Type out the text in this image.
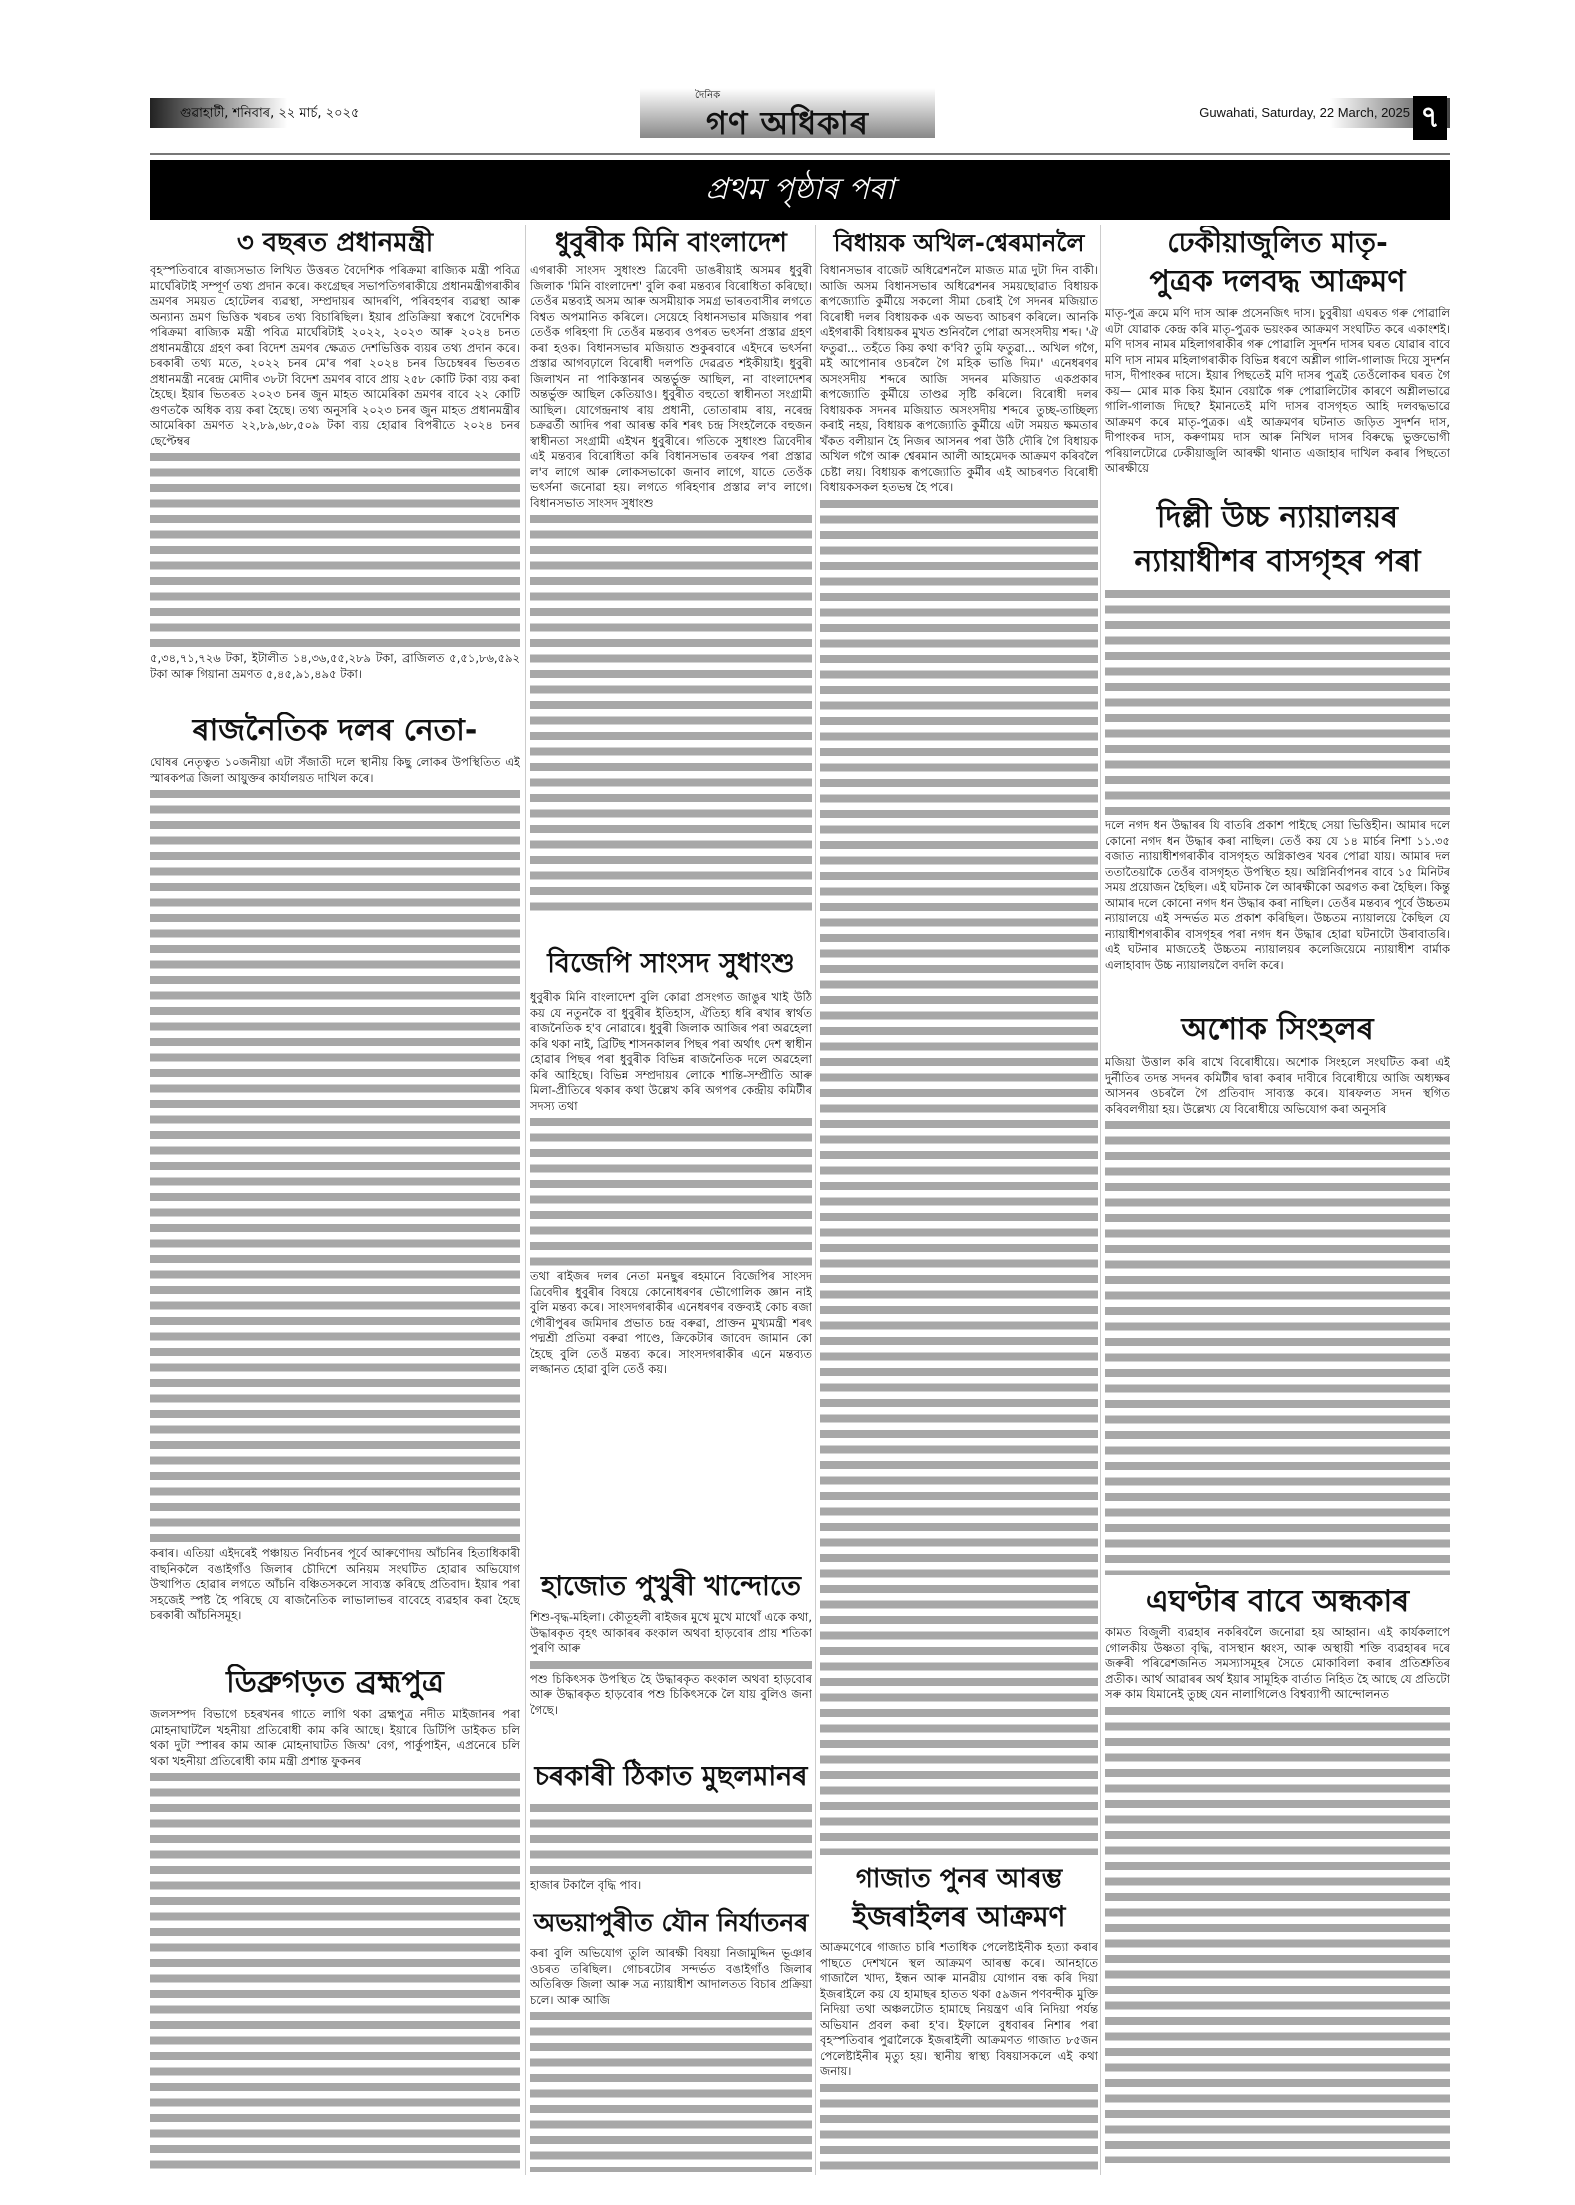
গুৱাহাটী, শনিবাৰ, ২২ মাৰ্চ, ২০২৫
দৈনিক
গণ অধিকাৰ	Guwahati, Saturday, 22 March, 2025 ৭
প্ৰথম পৃষ্ঠাৰ পৰা
৩ বছৰত প্ৰধানমন্ত্ৰী

বৃহস্পতিবাৰে ৰাজ্যসভাত লিখিত উত্তৰত বৈদেশিক পৰিক্ৰমা ৰাজ্যিক মন্ত্ৰী পবিত্ৰ মাৰ্ঘেৰিটাই সম্পূৰ্ণ তথ্য প্ৰদান কৰে। কংগ্ৰেছৰ সভাপতিগৰাকীয়ে প্ৰধানমন্ত্ৰীগৰাকীৰ ভ্ৰমণৰ সময়ত হোটেলৰ ব্যৱস্থা, সম্প্ৰদায়ৰ আদৰণি, পৰিবহণৰ ব্যৱস্থা আৰু অন্যান্য ভ্ৰমণ ভিত্তিক খৰচৰ তথ্য বিচাৰিছিল। ইয়াৰ প্ৰতিক্ৰিয়া স্বৰূপে বৈদেশিক পৰিক্ৰমা ৰাজ্যিক মন্ত্ৰী পবিত্ৰ মাৰ্ঘেৰিটাই ২০২২, ২০২৩ আৰু ২০২৪ চনত প্ৰধানমন্ত্ৰীয়ে গ্ৰহণ কৰা বিদেশ ভ্ৰমণৰ ক্ষেত্ৰত দেশভিত্তিক ব্যয়ৰ তথ্য প্ৰদান কৰে। চৰকাৰী তথ্য মতে, ২০২২ চনৰ মে'ৰ পৰা ২০২৪ চনৰ ডিচেম্বৰৰ ভিতৰত প্ৰধানমন্ত্ৰী নৰেন্দ্ৰ মোদীৰ ৩৮টা বিদেশ ভ্ৰমণৰ বাবে প্ৰায় ২৫৮ কোটি টকা ব্যয় কৰা হৈছে। ইয়াৰ ভিতৰত ২০২৩ চনৰ জুন মাহত আমেৰিকা ভ্ৰমণৰ বাবে ২২ কোটি গুণতকৈ অধিক ব্যয় কৰা হৈছে। তথ্য অনুসৰি ২০২৩ চনৰ জুন মাহত প্ৰধানমন্ত্ৰীৰ আমেৰিকা ভ্ৰমণত ২২,৮৯,৬৮,৫০৯ টকা ব্যয় হোৱাৰ বিপৰীতে ২০২৪ চনৰ ছেপ্টেম্বৰ

৫,৩৪,৭১,৭২৬ টকা, ইটালীত ১৪,৩৬,৫৫,২৮৯ টকা, ব্ৰাজিলত ৫,৫১,৮৬,৫৯২ টকা আৰু গিয়ানা ভ্ৰমণত ৫,৪৫,৯১,৪৯৫ টকা।

ৰাজনৈতিক দলৰ নেতা-

ঘোষৰ নেতৃত্বত ১০জনীয়া এটা সঁজাতী দলে স্থানীয় কিছু লোকৰ উপস্থিতিত এই স্মাৰকপত্ৰ জিলা আয়ুক্তৰ কাৰ্যালয়ত দাখিল কৰে।

কৰাৰ। এতিয়া এইদৰেই পঞ্চায়ত নিৰ্বাচনৰ পূৰ্বে আৰুণোদয় আঁচনিৰ হিতাধিকাৰী বাছনিকলৈ বঙাইগাঁও জিলাৰ চৌদিশে অনিয়ম সংঘটিত হোৱাৰ অভিযোগ উত্থাপিত হোৱাৰ লগতে আঁচনি বঞ্চিতসকলে সাব্যস্ত কৰিছে প্ৰতিবাদ। ইয়াৰ পৰা সহজেই স্পষ্ট হৈ পৰিছে যে ৰাজনৈতিক লাভালাভৰ বাবেহে ব্যৱহাৰ কৰা হৈছে চৰকাৰী আঁচনিসমূহ।

ডিব্ৰুগড়ত ব্ৰহ্মপুত্ৰ

জলসম্পদ বিভাগে চহৰখনৰ গাতে লাগি থকা ব্ৰহ্মপুত্ৰ নদীত মাইজানৰ পৰা মোহনাঘাটলৈ খহনীয়া প্ৰতিৰোধী কাম কৰি আছে। ইয়াৰে ডিটিপি ডাইকত চলি থকা দুটা স্পাৰৰ কাম আৰু মোহনাঘাটত জিঅ' বেগ, পাৰ্কুপাইন, এপ্ৰনেৰে চলি থকা খহনীয়া প্ৰতিৰোধী কাম মন্ত্ৰী প্ৰশান্ত ফুকনৰ

ধুবুৰীক মিনি বাংলাদেশ

এগৰাকী সাংসদ সুধাংশু ত্ৰিবেদী ডাঙৰীয়াই অসমৰ ধুবুৰী জিলাক 'মিনি বাংলাদেশ' বুলি কৰা মন্তব্যৰ বিৰোধিতা কৰিছো। তেওঁৰ মন্তব্যই অসম আৰু অসমীয়াক সমগ্ৰ ভাৰতবাসীৰ লগতে বিশ্বত অপমানিত কৰিলে। সেয়েহে বিধানসভাৰ মজিয়াৰ পৰা তেওঁক গৰিহণা দি তেওঁৰ মন্তব্যৰ ওপৰত ভৎৰ্সনা প্ৰস্তাৱ গ্ৰহণ কৰা হওক। বিধানসভাৰ মজিয়াত শুকুৰবাৰে এইদৰে ভৎৰ্সনা প্ৰস্তাৱ আগবঢ়ালে বিৰোধী দলপতি দেৱব্ৰত শইকীয়াই। ধুবুৰী জিলাখন না পাকিস্তানৰ অন্তৰ্ভুক্ত আছিল, না বাংলাদেশৰ অন্তৰ্ভুক্ত আছিল কেতিয়াও। ধুবুৰীত বহুতো স্বাধীনতা সংগ্ৰামী আছিল। যোগেন্দ্ৰনাথ ৰায় প্ৰধানী, তোতাৰাম ৰায়, নৰেন্দ্ৰ চক্ৰৱৰ্তী আদিৰ পৰা আৰম্ভ কৰি শৰৎ চন্দ্ৰ সিংহলৈকে বহুজন স্বাধীনতা সংগ্ৰামী এইখন ধুবুৰীৰে। গতিকে সুধাংশু ত্ৰিবেদীৰ এই মন্তব্যৰ বিৰোধিতা কৰি বিধানসভাৰ তৰফৰ পৰা প্ৰস্তাৱ ল'ব লাগে আৰু লোকসভাকো জনাব লাগে, যাতে তেওঁক ভৎৰ্সনা জনোৱা হয়। লগতে গৰিহণাৰ প্ৰস্তাৱ ল'ব লাগে। বিধানসভাত সাংসদ সুধাংশু

বিজেপি সাংসদ সুধাংশু

ধুবুৰীক মিনি বাংলাদেশ বুলি কোৱা প্ৰসংগত জাঙুৰ খাই উঠি কয় যে নতুনকৈ বা ধুবুৰীৰ ইতিহাস, ঐতিহ্য ধৰি ৰখাৰ স্বাৰ্থত ৰাজনৈতিক হ'ব নোৱাৰে। ধুবুৰী জিলাক আজিৰ পৰা অৱহেলা কৰি থকা নাই, ব্ৰিটিছ শাসনকালৰ পিছৰ পৰা অৰ্থাৎ দেশ স্বাধীন হোৱাৰ পিছৰ পৰা ধুবুৰীক বিভিন্ন ৰাজনৈতিক দলে অৱহেলা কৰি আহিছে। বিভিন্ন সম্প্ৰদায়ৰ লোকে শান্তি-সম্প্ৰীতি আৰু মিলা-প্ৰীতিৰে থকাৰ কথা উল্লেখ কৰি অগপৰ কেন্দ্ৰীয় কমিটীৰ সদস্য তথা

তথা ৰাইজৰ দলৰ নেতা মনছুৰ ৰহমানে বিজেপিৰ সাংসদ ত্ৰিবেদীৰ ধুবুৰীৰ বিষয়ে কোনোধৰণৰ ভৌগোলিক জ্ঞান নাই বুলি মন্তব্য কৰে। সাংসদগৰাকীৰ এনেধৰণৰ বক্তব্যই কোচ ৰজা গৌৰীপুৰৰ জমিদাৰ প্ৰভাত চন্দ্ৰ বৰুৱা, প্ৰাক্তন মুখ্যমন্ত্ৰী শৰৎ পদ্মশ্ৰী প্ৰতিমা বৰুৱা পাণ্ডে, ক্ৰিকেটাৰ জাবেদ জামান কো হৈছে বুলি তেওঁ মন্তব্য কৰে। সাংসদগৰাকীৰ এনে মন্তব্যত লজ্জানত হোৱা বুলি তেওঁ কয়।

হাজোত পুখুৰী খান্দোতে

শিশু-বৃদ্ধ-মহিলা। কৌতূহলী ৰাইজৰ মুখে মুখে মাথোঁ একে কথা, উদ্ধাৰকৃত বৃহৎ আকাৰৰ কংকাল অথবা হাড়বোৰ প্ৰায় শতিকা পুৰণি আৰু

পশু চিকিৎসক উপস্থিত হৈ উদ্ধাৰকৃত কংকাল অথবা হাড়বোৰ আৰু উদ্ধাৰকৃত হাড়বোৰ পশু চিকিৎসকে লৈ যায় বুলিও জনা গৈছে।

চৰকাৰী ঠিকাত মুছলমানৰ

হাজাৰ টকালৈ বৃদ্ধি পাব।

অভয়াপুৰীত যৌন নিৰ্যাতনৰ

কৰা বুলি অভিযোগ তুলি আৰক্ষী বিষয়া নিজামুদ্দিন ভূঞাৰ ওচৰত তৰিছিল। গোচৰটোৰ সন্দৰ্ভত বঙাইগাঁও জিলাৰ অতিৰিক্ত জিলা আৰু সত্ৰ ন্যায়াধীশ আদালতত বিচাৰ প্ৰক্ৰিয়া চলে। আৰু আজি

বিধায়ক অখিল-শ্বেৰমানলৈ

বিধানসভাৰ বাজেট অধিৱেশনলৈ মাজত মাত্ৰ দুটা দিন বাকী। আজি অসম বিধানসভাৰ অধিৱেশনৰ সময়ছোৱাত বিধায়ক ৰূপজ্যোতি কুৰ্মীয়ে সকলো সীমা চেৰাই গৈ সদনৰ মজিয়াত বিৰোধী দলৰ বিধায়কক এক অভব্য আচৰণ কৰিলে। আনকি এইগৰাকী বিধায়কৰ মুখত শুনিবলৈ পোৱা অসংসদীয় শব্দ। 'ঐ ফতুৱা... তহঁতে কিয় কথা ক'বি? তুমি ফতুৱা... অখিল গগৈ, মই আপোনাৰ ওচৰলৈ গৈ মহিক ভাঙি দিম।' এনেধৰণৰ অসংসদীয় শব্দৰে আজি সদনৰ মজিয়াত একপ্ৰকাৰ ৰূপজ্যোতি কুৰ্মীয়ে তাণ্ডৱ সৃষ্টি কৰিলে। বিৰোধী দলৰ বিধায়কক সদনৰ মজিয়াত অসংসদীয় শব্দৰে তুচ্ছ-তাচ্ছিল্য কৰাই নহয়, বিধায়ক ৰূপজ্যোতি কুৰ্মীয়ে এটা সময়ত ক্ষমতাৰ খঁকত বলীয়ান হৈ নিজৰ আসনৰ পৰা উঠি দৌৰি গৈ বিধায়ক অখিল গগৈ আৰু শ্বেৰমান আলী আহমেদক আক্ৰমণ কৰিবলৈ চেষ্টা লয়। বিধায়ক ৰূপজ্যোতি কুৰ্মীৰ এই আচৰণত বিৰোধী বিধায়কসকল হতভম্ব হৈ পৰে।

গাজাত পুনৰ আৰম্ভ
ইজৰাইলৰ আক্ৰমণ

আক্ৰমণেৰে গাজাত চাৰি শতাধিক পেলেষ্টাইনীক হত্যা কৰাৰ পাছতে দেশখনে স্থল আক্ৰমণ আৰম্ভ কৰে। আনহাতে গাজালৈ খাদ্য, ইন্ধন আৰু মানৱীয় যোগান বন্ধ কৰি দিয়া ইজৰাইলে কয় যে হামাছৰ হাতত থকা ৫৯জন পণবন্দীক মুক্তি নিদিয়া তথা অঞ্চলটোত হামাছে নিয়ন্ত্ৰণ এৰি নিদিয়া পৰ্যন্ত অভিযান প্ৰবল কৰা হ'ব। ইফালে বুধবাৰৰ নিশাৰ পৰা বৃহস্পতিবাৰ পুৱালৈকে ইজৰাইলী আক্ৰমণত গাজাত ৮৫জন পেলেষ্টাইনীৰ মৃত্যু হয়। স্থানীয় স্বাস্থ্য বিষয়াসকলে এই কথা জনায়।

ঢেকীয়াজুলিত মাতৃ-
পুত্ৰক দলবদ্ধ আক্ৰমণ

মাতৃ-পুত্ৰ ক্ৰমে মণি দাস আৰু প্ৰসেনজিৎ দাস। চুবুৰীয়া এঘৰত গৰু পোৱালি এটা যোৱাক কেন্দ্ৰ কৰি মাতৃ-পুত্ৰক ভয়ংকৰ আক্ৰমণ সংঘটিত কৰে একাংশই। মণি দাসৰ নামৰ মহিলাগৰাকীৰ গৰু পোৱালি সুদৰ্শন দাসৰ ঘৰত যোৱাৰ বাবে মণি দাস নামৰ মহিলাগৰাকীক বিভিন্ন ধৰণে অশ্লীল গালি-গালাজ দিয়ে সুদৰ্শন দাস, দীপাংকৰ দাসে। ইয়াৰ পিছতেই মণি দাসৰ পুত্ৰই তেওঁলোকৰ ঘৰত গৈ কয়— মোৰ মাক কিয় ইমান বেয়াকৈ গৰু পোৱালিটোৰ কাৰণে অশ্লীলভাৱে গালি-গালাজ দিছে? ইমানতেই মণি দাসৰ বাসগৃহত আহি দলবদ্ধভাৱে আক্ৰমণ কৰে মাতৃ-পুত্ৰক। এই আক্ৰমণৰ ঘটনাত জড়িত সুদৰ্শন দাস, দীপাংকৰ দাস, কৰুণাময় দাস আৰু নিখিল দাসৰ বিৰুদ্ধে ভুক্তভোগী পৰিয়ালটোৱে ঢেকীয়াজুলি আৰক্ষী থানাত এজাহাৰ দাখিল কৰাৰ পিছতো আৰক্ষীয়ে

দিল্লী উচ্চ ন্যায়ালয়ৰ
ন্যায়াধীশৰ বাসগৃহৰ পৰা

দলে নগদ ধন উদ্ধাৰৰ যি বাতৰি প্ৰকাশ পাইছে সেয়া ভিত্তিহীন। আমাৰ দলে কোনো নগদ ধন উদ্ধাৰ কৰা নাছিল। তেওঁ কয় যে ১৪ মাৰ্চৰ নিশা ১১.৩৫ বজাত ন্যায়াধীশগৰাকীৰ বাসগৃহত অগ্নিকাণ্ডৰ খবৰ পোৱা যায়। আমাৰ দল ততাতৈয়াকৈ তেওঁৰ বাসগৃহত উপস্থিত হয়। অগ্নিনিৰ্বাপনৰ বাবে ১৫ মিনিটৰ সময় প্ৰয়োজন হৈছিল। এই ঘটনাক লৈ আৰক্ষীকো অৱগত কৰা হৈছিল। কিন্তু আমাৰ দলে কোনো নগদ ধন উদ্ধাৰ কৰা নাছিল। তেওঁৰ মন্তব্যৰ পূৰ্বে উচ্চতম ন্যায়ালয়ে এই সন্দৰ্ভত মত প্ৰকাশ কৰিছিল। উচ্চতম ন্যায়ালয়ে কৈছিল যে ন্যায়াধীশগৰাকীৰ বাসগৃহৰ পৰা নগদ ধন উদ্ধাৰ হোৱা ঘটনাটো উৰাবাতৰি। এই ঘটনাৰ মাজতেই উচ্চতম ন্যায়ালয়ৰ কলেজিয়েমে ন্যায়াধীশ বাৰ্মাক এলাহাবাদ উচ্চ ন্যায়ালয়লৈ বদলি কৰে।

অশোক সিংহলৰ

মজিয়া উত্তাল কৰি ৰাখে বিৰোধীয়ে। অশোক সিংহলে সংঘটিত কৰা এই দুৰ্নীতিৰ তদন্ত সদনৰ কমিটীৰ দ্বাৰা কৰাৰ দাবীৰে বিৰোধীয়ে আজি অধ্যক্ষৰ আসনৰ ওচৰলৈ গৈ প্ৰতিবাদ সাব্যস্ত কৰে। যাৰফলত সদন স্থগিত কৰিবলগীয়া হয়। উল্লেখ্য যে বিৰোধীয়ে অভিযোগ কৰা অনুসৰি

এঘণ্টাৰ বাবে অন্ধকাৰ

কামত বিজুলী ব্যৱহাৰ নকৰিবলৈ জনোৱা হয় আহ্বান। এই কাৰ্যকলাপে গোলকীয় উষ্ণতা বৃদ্ধি, বাসস্থান ধ্বংস, আৰু অস্থায়ী শক্তি ব্যৱহাৰৰ দৰে জৰুৰী পৰিৱেশজনিত সমস্যাসমূহৰ সৈতে মোকাবিলা কৰাৰ প্ৰতিশ্ৰুতিৰ প্ৰতীক। আৰ্থ আৱাৰৰ অৰ্থ ইয়াৰ সামূহিক বাৰ্তাত নিহিত হৈ আছে যে প্ৰতিটো সৰু কাম যিমানেই তুচ্ছ যেন নালাগিলেও বিশ্বব্যাপী আন্দোলনত
